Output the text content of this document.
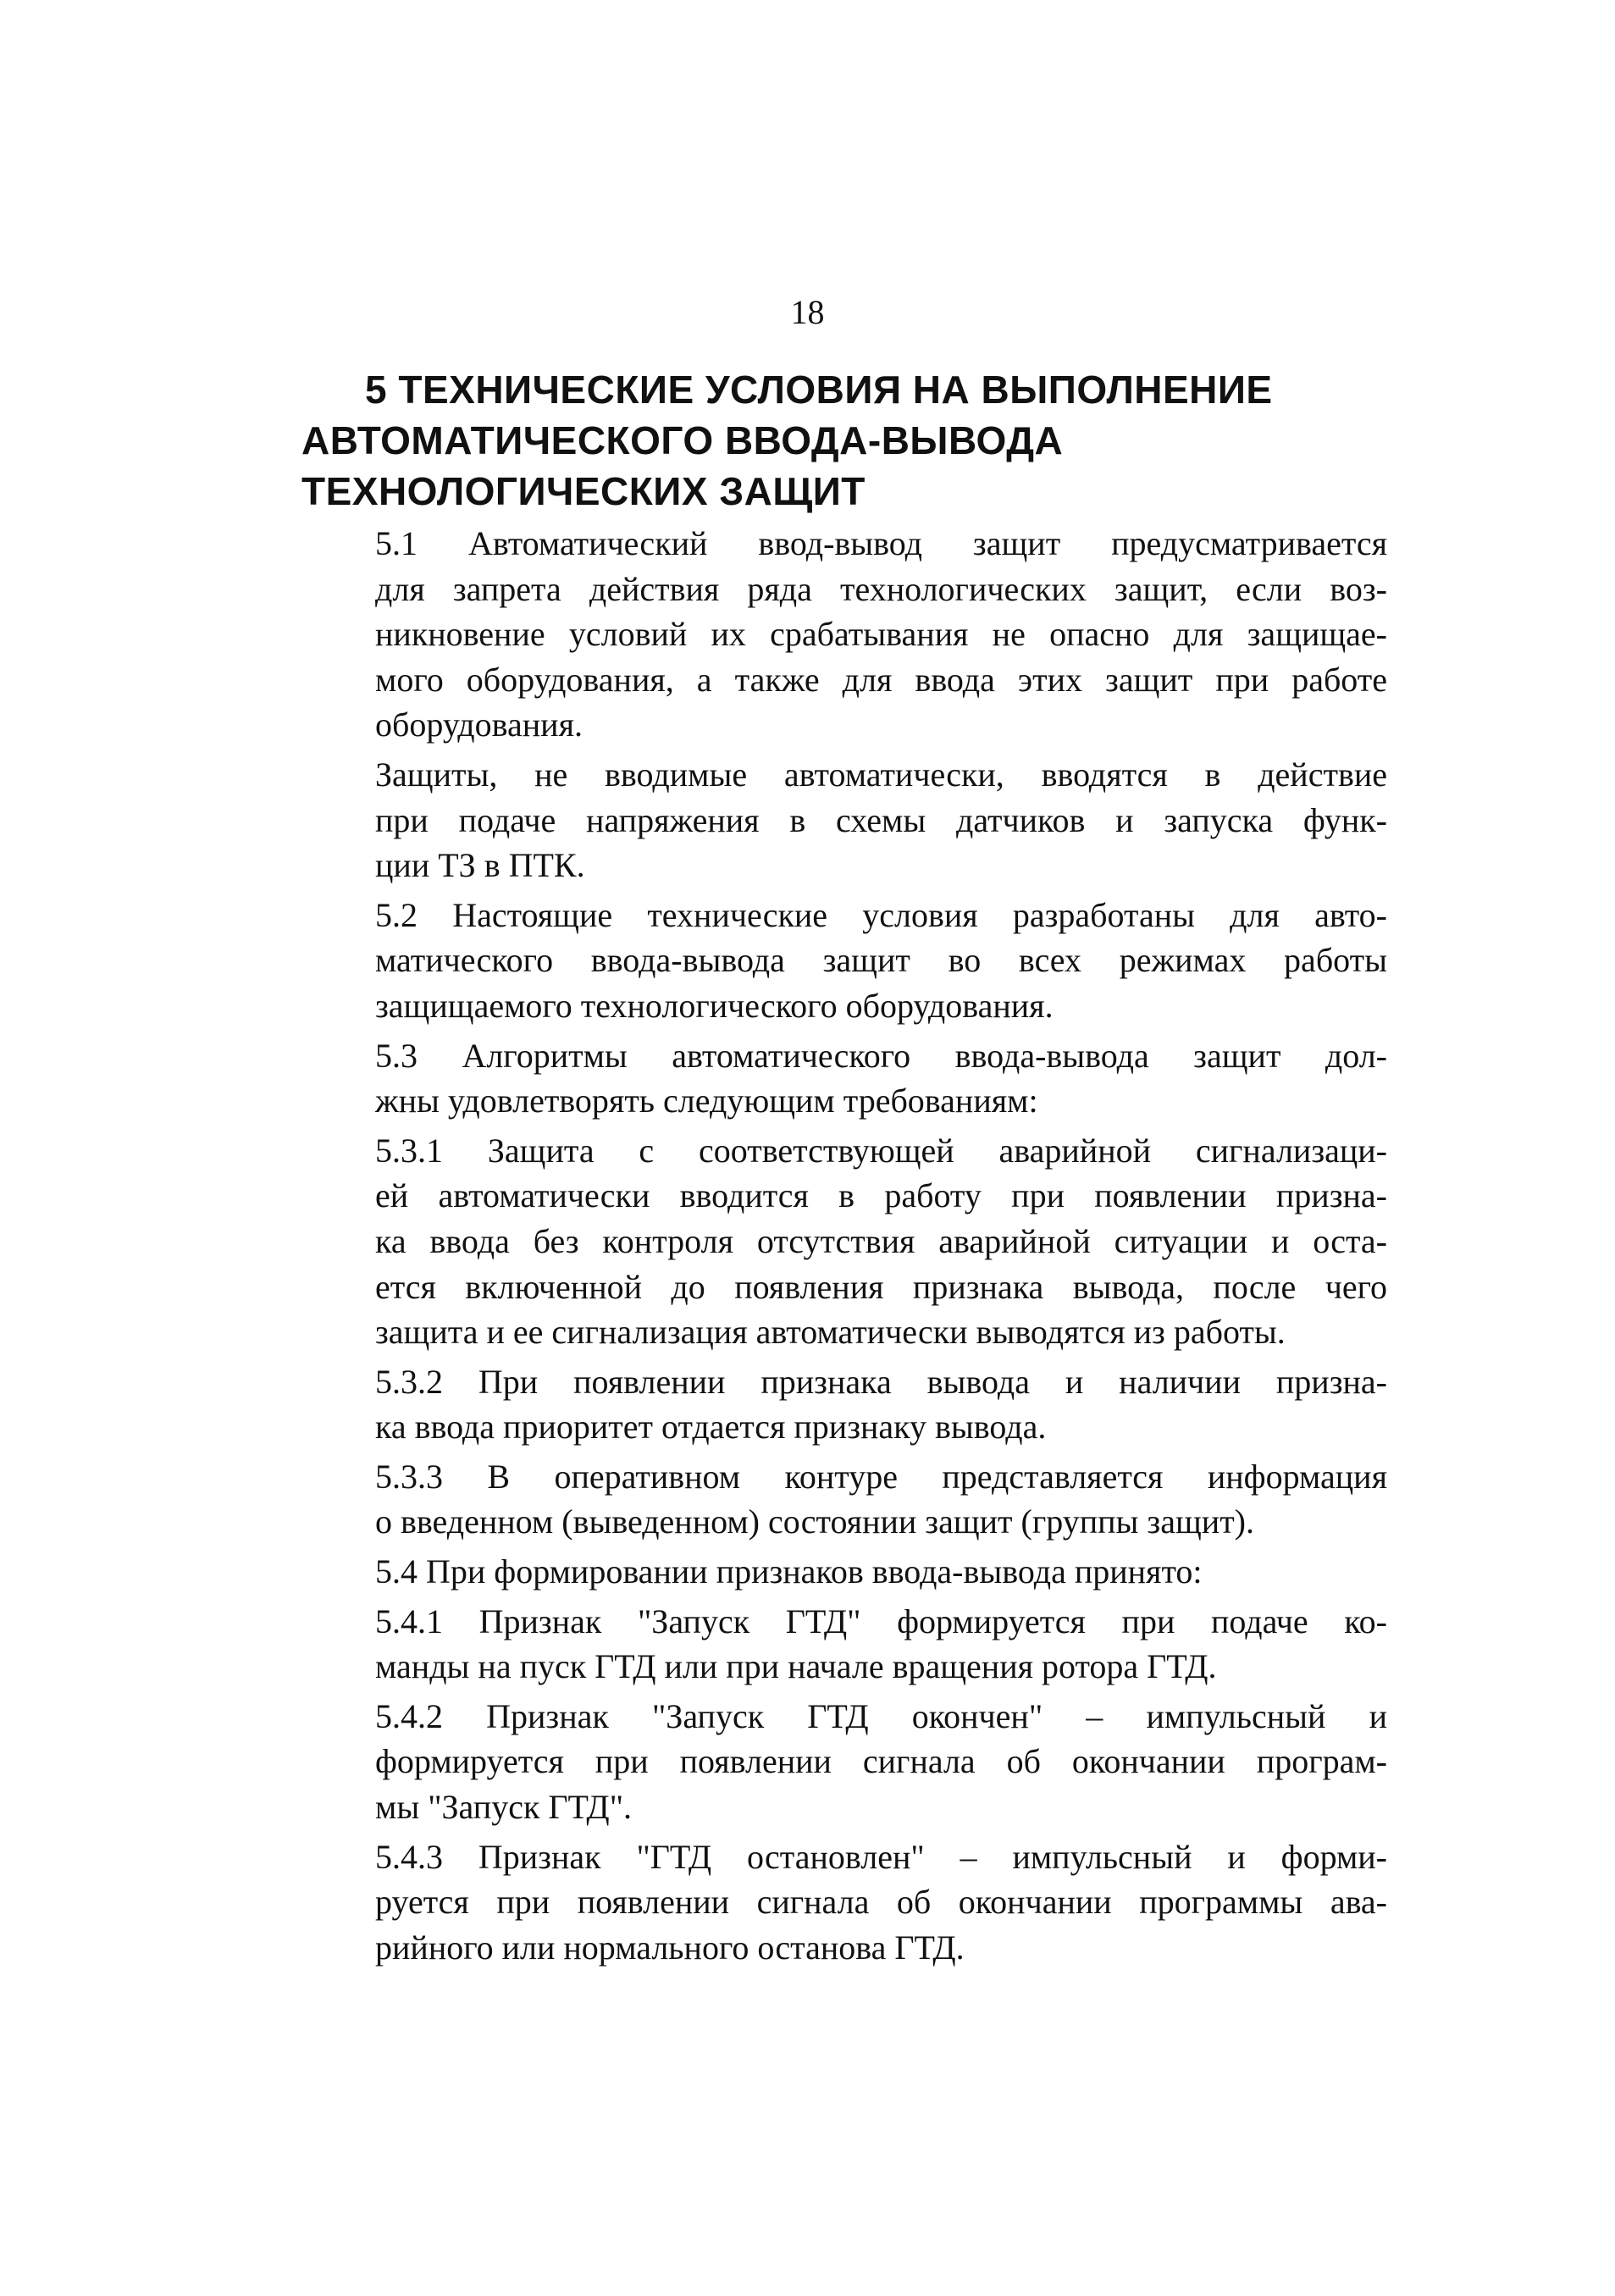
18
5 ТЕХНИЧЕСКИЕ УСЛОВИЯ НА ВЫПОЛНЕНИЕ
АВТОМАТИЧЕСКОГО ВВОДА-ВЫВОДА
ТЕХНОЛОГИЧЕСКИХ ЗАЩИТ

5.1 Автоматический ввод-вывод защит предусматривается
для запрета действия ряда технологических защит, если воз-
никновение условий их срабатывания не опасно для защищае-
мого оборудования, а также для ввода этих защит при работе
оборудования.

Защиты, не вводимые автоматически, вводятся в действие
при подаче напряжения в схемы датчиков и запуска функ-
ции ТЗ в ПТК.

5.2 Настоящие технические условия разработаны для авто-
матического ввода-вывода защит во всех режимах работы
защищаемого технологического оборудования.

5.3 Алгоритмы автоматического ввода-вывода защит дол-
жны удовлетворять следующим требованиям:

5.3.1 Защита с соответствующей аварийной сигнализаци-
ей автоматически вводится в работу при появлении призна-
ка ввода без контроля отсутствия аварийной ситуации и оста-
ется включенной до появления признака вывода, после чего
защита и ее сигнализация автоматически выводятся из работы.

5.3.2 При появлении признака вывода и наличии призна-
ка ввода приоритет отдается признаку вывода.

5.3.3 В оперативном контуре представляется информация
о введенном (выведенном) состоянии защит (группы защит).

5.4 При формировании признаков ввода-вывода принято:

5.4.1 Признак "Запуск ГТД" формируется при подаче ко-
манды на пуск ГТД или при начале вращения ротора ГТД.

5.4.2 Признак "Запуск ГТД окончен" – импульсный и
формируется при появлении сигнала об окончании програм-
мы "Запуск ГТД".

5.4.3 Признак "ГТД остановлен" – импульсный и форми-
руется при появлении сигнала об окончании программы ава-
рийного или нормального останова ГТД.
